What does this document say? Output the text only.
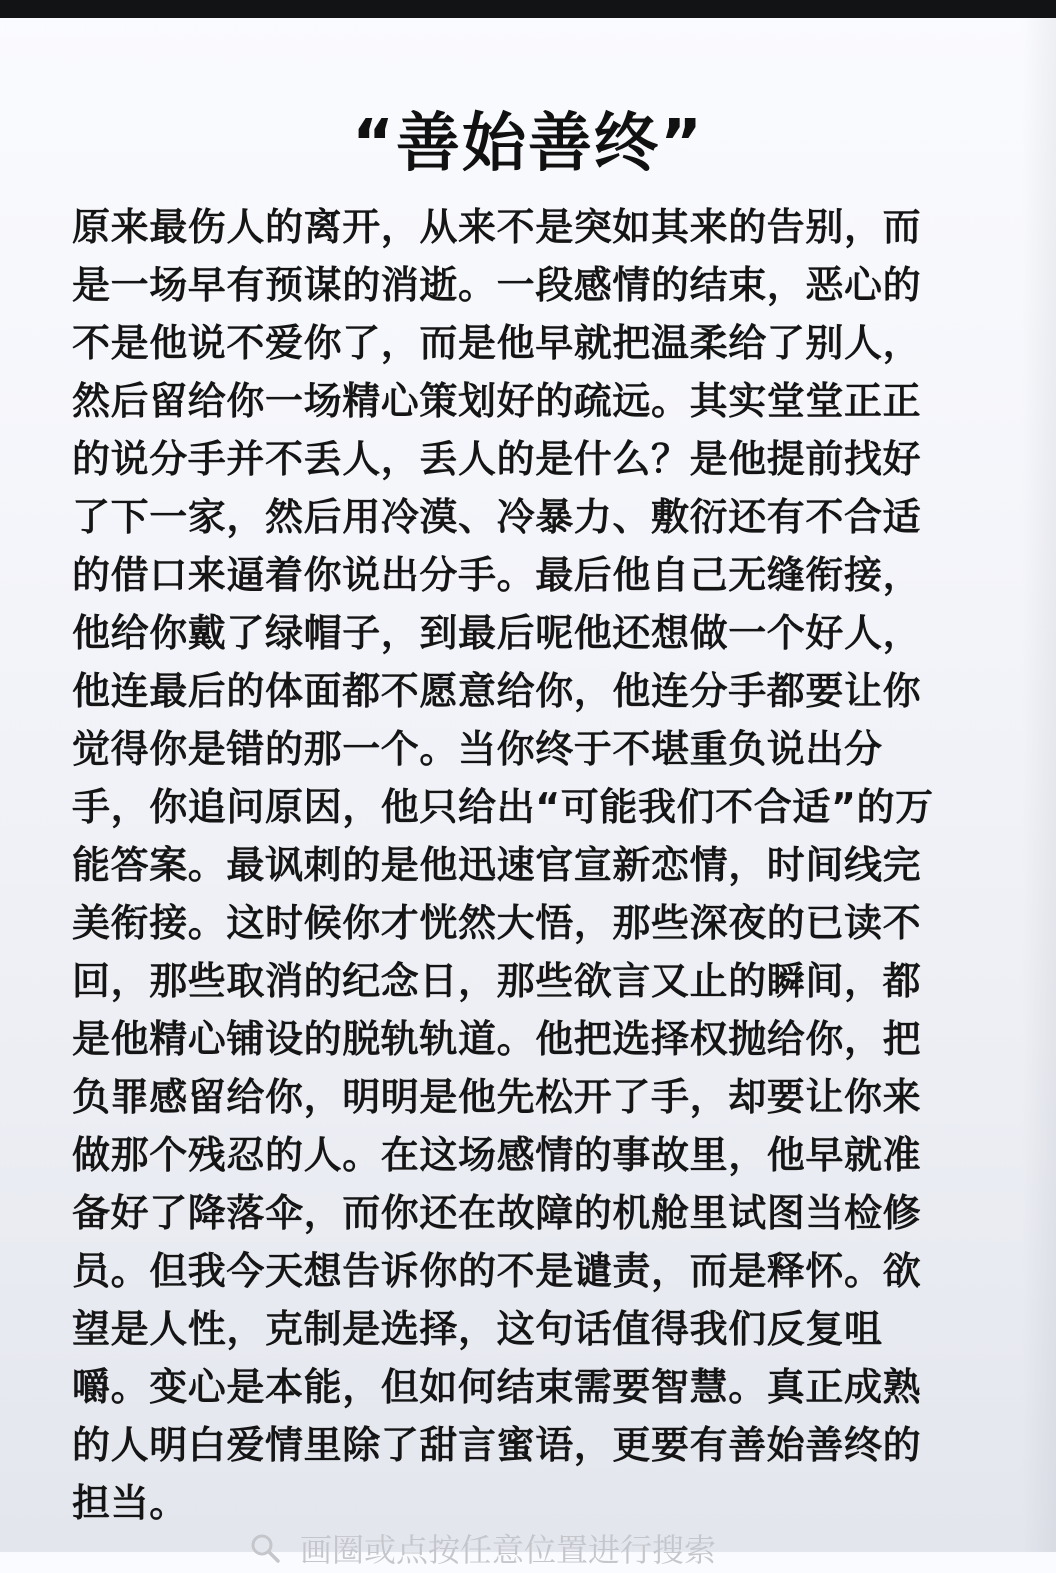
“善始善终”
原来最伤人的离开，从来不是突如其来的告别，而
是一场早有预谋的消逝。一段感情的结束，恶心的
不是他说不爱你了，而是他早就把温柔给了别人，
然后留给你一场精心策划好的疏远。其实堂堂正正
的说分手并不丢人，丢人的是什么？是他提前找好
了下一家，然后用冷漠、冷暴力、敷衍还有不合适
的借口来逼着你说出分手。最后他自己无缝衔接，
他给你戴了绿帽子，到最后呢他还想做一个好人，
他连最后的体面都不愿意给你，他连分手都要让你
觉得你是错的那一个。当你终于不堪重负说出分
手，你追问原因，他只给出“可能我们不合适”的万
能答案。最讽刺的是他迅速官宣新恋情，时间线完
美衔接。这时候你才恍然大悟，那些深夜的已读不
回，那些取消的纪念日，那些欲言又止的瞬间，都
是他精心铺设的脱轨轨道。他把选择权抛给你，把
负罪感留给你，明明是他先松开了手，却要让你来
做那个残忍的人。在这场感情的事故里，他早就准
备好了降落伞，而你还在故障的机舱里试图当检修
员。但我今天想告诉你的不是谴责，而是释怀。欲
望是人性，克制是选择，这句话值得我们反复咀
嚼。变心是本能，但如何结束需要智慧。真正成熟
的人明白爱情里除了甜言蜜语，更要有善始善终的
担当。
画圈或点按任意位置进行搜索
